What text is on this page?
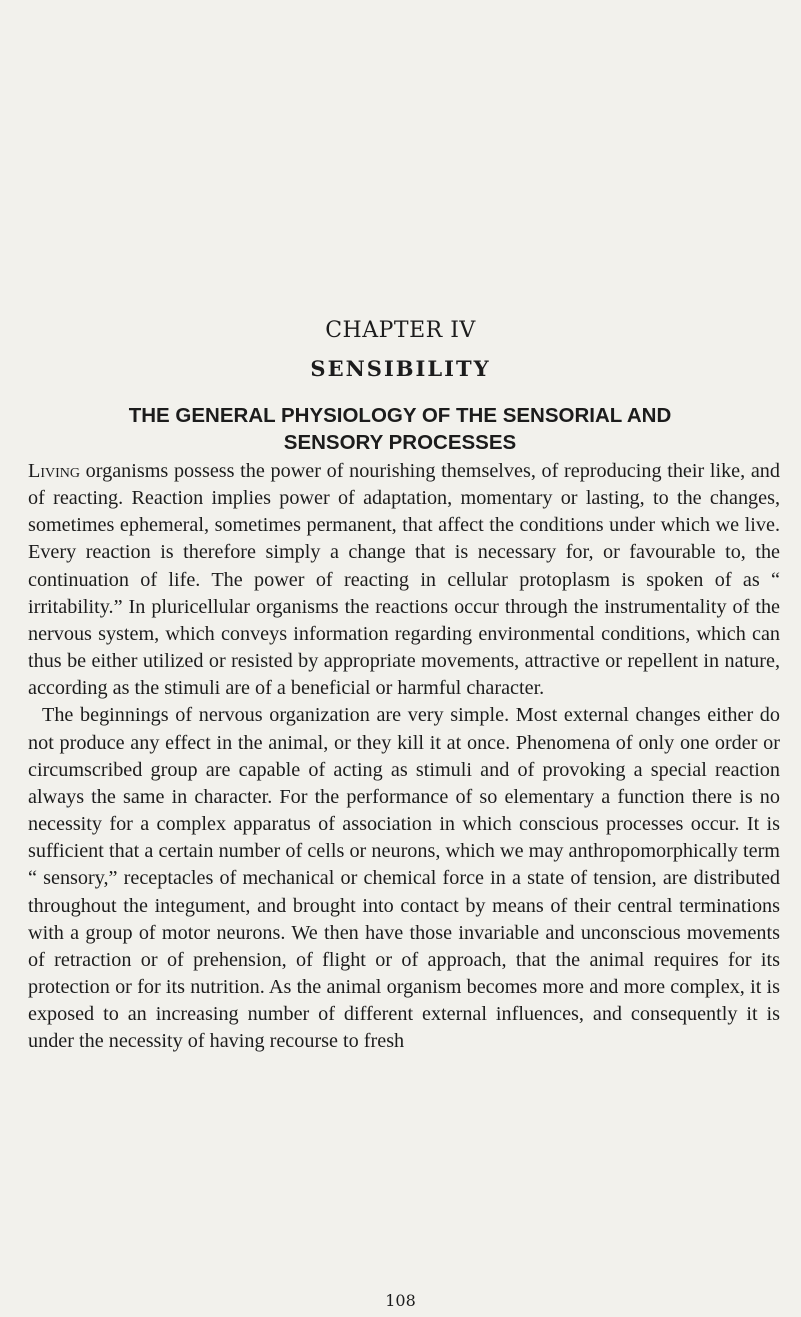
CHAPTER IV
SENSIBILITY
THE GENERAL PHYSIOLOGY OF THE SENSORIAL AND
SENSORY PROCESSES

Living organisms possess the power of nourishing themselves, of reproducing their like, and of reacting. Reaction implies power of adaptation, momentary or lasting, to the changes, sometimes ephemeral, sometimes permanent, that affect the conditions under which we live. Every reaction is therefore simply a change that is necessary for, or favourable to, the continuation of life. The power of reacting in cellular protoplasm is spoken of as “ irritability.” In pluricellular organisms the reactions occur through the instrumentality of the nervous system, which conveys information regarding environmental conditions, which can thus be either utilized or resisted by appropriate movements, attractive or repellent in nature, according as the stimuli are of a beneficial or harmful character.

The beginnings of nervous organization are very simple. Most external changes either do not produce any effect in the animal, or they kill it at once. Phenomena of only one order or circumscribed group are capable of acting as stimuli and of provoking a special reaction always the same in character. For the performance of so elementary a function there is no necessity for a complex apparatus of association in which conscious processes occur. It is sufficient that a certain number of cells or neurons, which we may anthropomorphically term “ sensory,” receptacles of mechanical or chemical force in a state of tension, are distributed throughout the integument, and brought into contact by means of their central terminations with a group of motor neurons. We then have those invariable and unconscious movements of retraction or of prehension, of flight or of approach, that the animal requires for its protection or for its nutrition. As the animal organism becomes more and more complex, it is exposed to an increasing number of different external influences, and consequently it is under the necessity of having recourse to fresh

108
